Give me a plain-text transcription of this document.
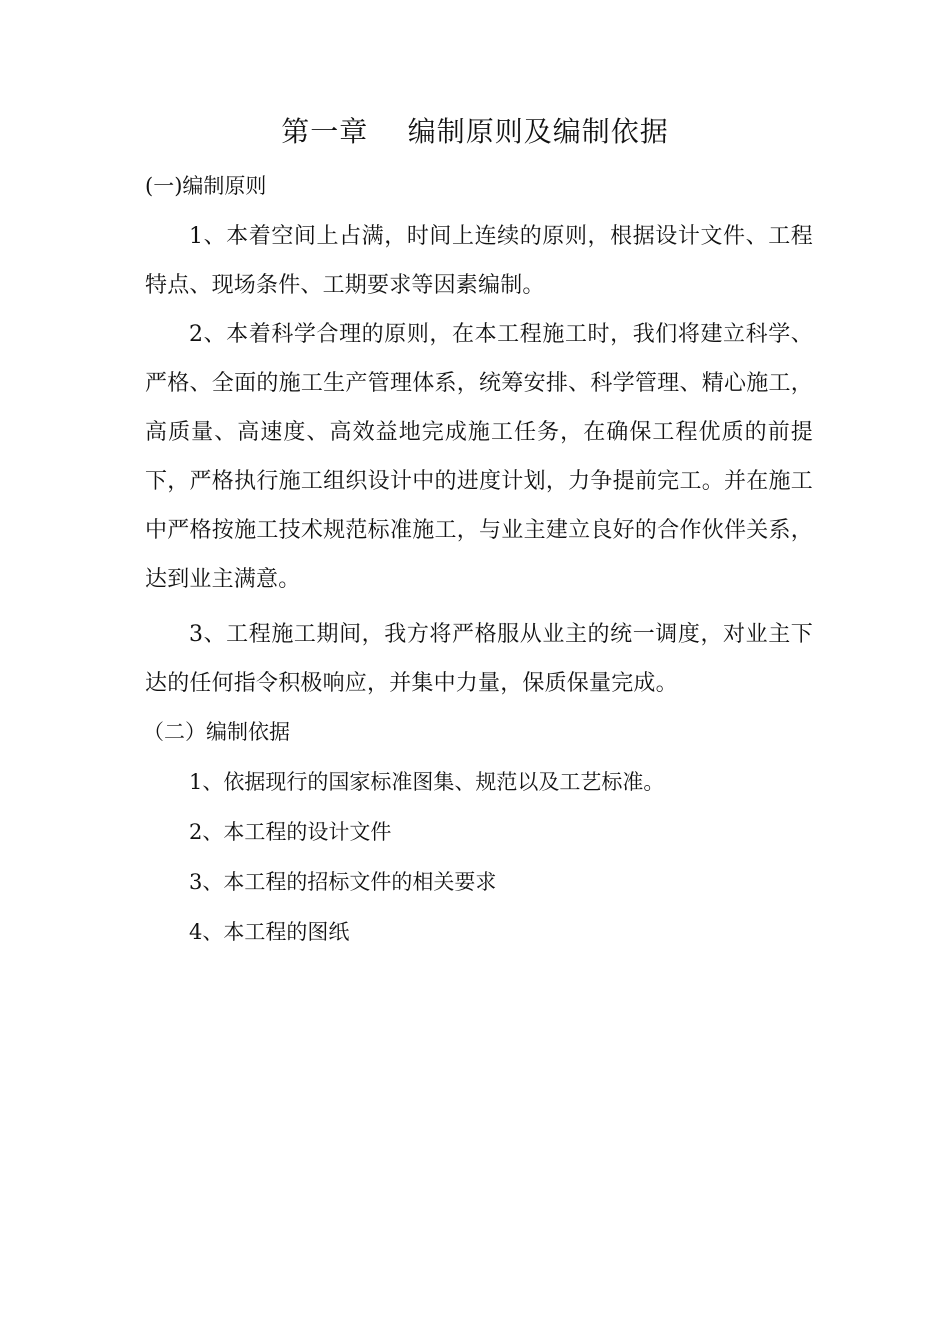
第一章    编制原则及编制依据
(一)编制原则
1、本着空间上占满，时间上连续的原则，根据设计文件、工程特点、现场条件、工期要求等因素编制。
2、本着科学合理的原则，在本工程施工时，我们将建立科学、严格、全面的施工生产管理体系，统筹安排、科学管理、精心施工，高质量、高速度、高效益地完成施工任务，在确保工程优质的前提下，严格执行施工组织设计中的进度计划，力争提前完工。并在施工中严格按施工技术规范标准施工，与业主建立良好的合作伙伴关系，达到业主满意。
3、工程施工期间，我方将严格服从业主的统一调度，对业主下达的任何指令积极响应，并集中力量，保质保量完成。
（二）编制依据
1、依据现行的国家标准图集、规范以及工艺标准。
2、本工程的设计文件
3、本工程的招标文件的相关要求
4、本工程的图纸
